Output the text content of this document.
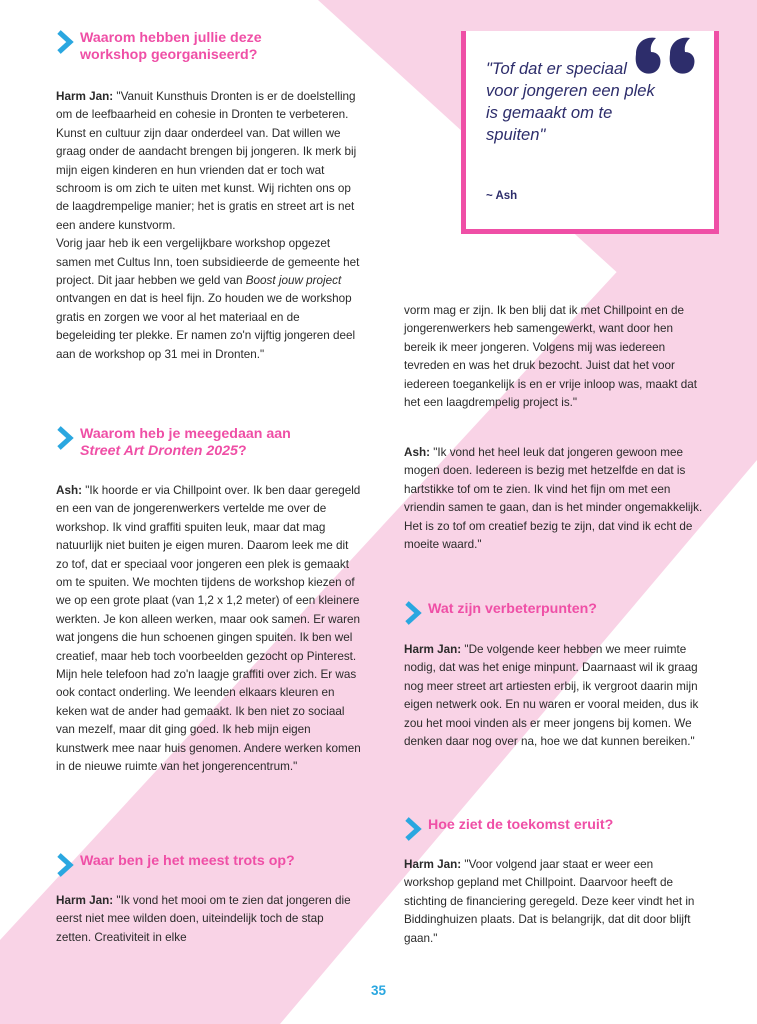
"Tof dat er speciaal voor jongeren een plek is gemaakt om te spuiten"

~ Ash

Waarom hebben jullie deze
workshop georganiseerd?

Harm Jan: "Vanuit Kunsthuis Dronten is er de doelstelling om de leefbaarheid en cohesie in Dronten te verbeteren. Kunst en cultuur zijn daar onderdeel van. Dat willen we graag onder de aandacht brengen bij jongeren. Ik merk bij mijn eigen kinderen en hun vrienden dat er toch wat schroom is om zich te uiten met kunst. Wij richten ons op de laagdrempelige manier; het is gratis en street art is net een andere kunstvorm.
Vorig jaar heb ik een vergelijkbare workshop opgezet samen met Cultus Inn, toen subsidieerde de gemeente het project. Dit jaar hebben we geld van Boost jouw project ontvangen en dat is heel fijn. Zo houden we de workshop gratis en zorgen we voor al het materiaal en de begeleiding ter plekke. Er namen zo'n vijftig jongeren deel aan de workshop op 31 mei in Dronten."

Waarom heb je meegedaan aan
Street Art Dronten 2025?

Ash: "Ik hoorde er via Chillpoint over. Ik ben daar geregeld en een van de jongerenwerkers vertelde me over de workshop. Ik vind graffiti spuiten leuk, maar dat mag natuurlijk niet buiten je eigen muren. Daarom leek me dit zo tof, dat er speciaal voor jongeren een plek is gemaakt om te spuiten. We mochten tijdens de workshop kiezen of we op een grote plaat (van 1,2 x 1,2 meter) of een kleinere werkten. Je kon alleen werken, maar ook samen. Er waren wat jongens die hun schoenen gingen spuiten. Ik ben wel creatief, maar heb toch voorbeelden gezocht op Pinterest. Mijn hele telefoon had zo'n laagje graffiti over zich. Er was ook contact onderling. We leenden elkaars kleuren en keken wat de ander had gemaakt. Ik ben niet zo sociaal van mezelf, maar dit ging goed. Ik heb mijn eigen kunstwerk mee naar huis genomen. Andere werken komen in de nieuwe ruimte van het jongerencentrum."

Waar ben je het meest trots op?

Harm Jan: "Ik vond het mooi om te zien dat jongeren die eerst niet mee wilden doen, uiteindelijk toch de stap zetten. Creativiteit in elke

vorm mag er zijn. Ik ben blij dat ik met Chillpoint en de jongerenwerkers heb samengewerkt, want door hen bereik ik meer jongeren. Volgens mij was iedereen tevreden en was het druk bezocht. Juist dat het voor iedereen toegankelijk is en er vrije inloop was, maakt dat het een laagdrempelig project is."

Ash: "Ik vond het heel leuk dat jongeren gewoon mee mogen doen. Iedereen is bezig met hetzelfde en dat is hartstikke tof om te zien. Ik vind het fijn om met een vriendin samen te gaan, dan is het minder ongemakkelijk. Het is zo tof om creatief bezig te zijn, dat vind ik echt de moeite waard."

Wat zijn verbeterpunten?

Harm Jan: "De volgende keer hebben we meer ruimte nodig, dat was het enige minpunt. Daarnaast wil ik graag nog meer street art artiesten erbij, ik vergroot daarin mijn eigen netwerk ook. En nu waren er vooral meiden, dus ik zou het mooi vinden als er meer jongens bij komen. We denken daar nog over na, hoe we dat kunnen bereiken."

Hoe ziet de toekomst eruit?

Harm Jan: "Voor volgend jaar staat er weer een workshop gepland met Chillpoint. Daarvoor heeft de stichting de financiering geregeld. Deze keer vindt het in Biddinghuizen plaats. Dat is belangrijk, dat dit door blijft gaan."

35
